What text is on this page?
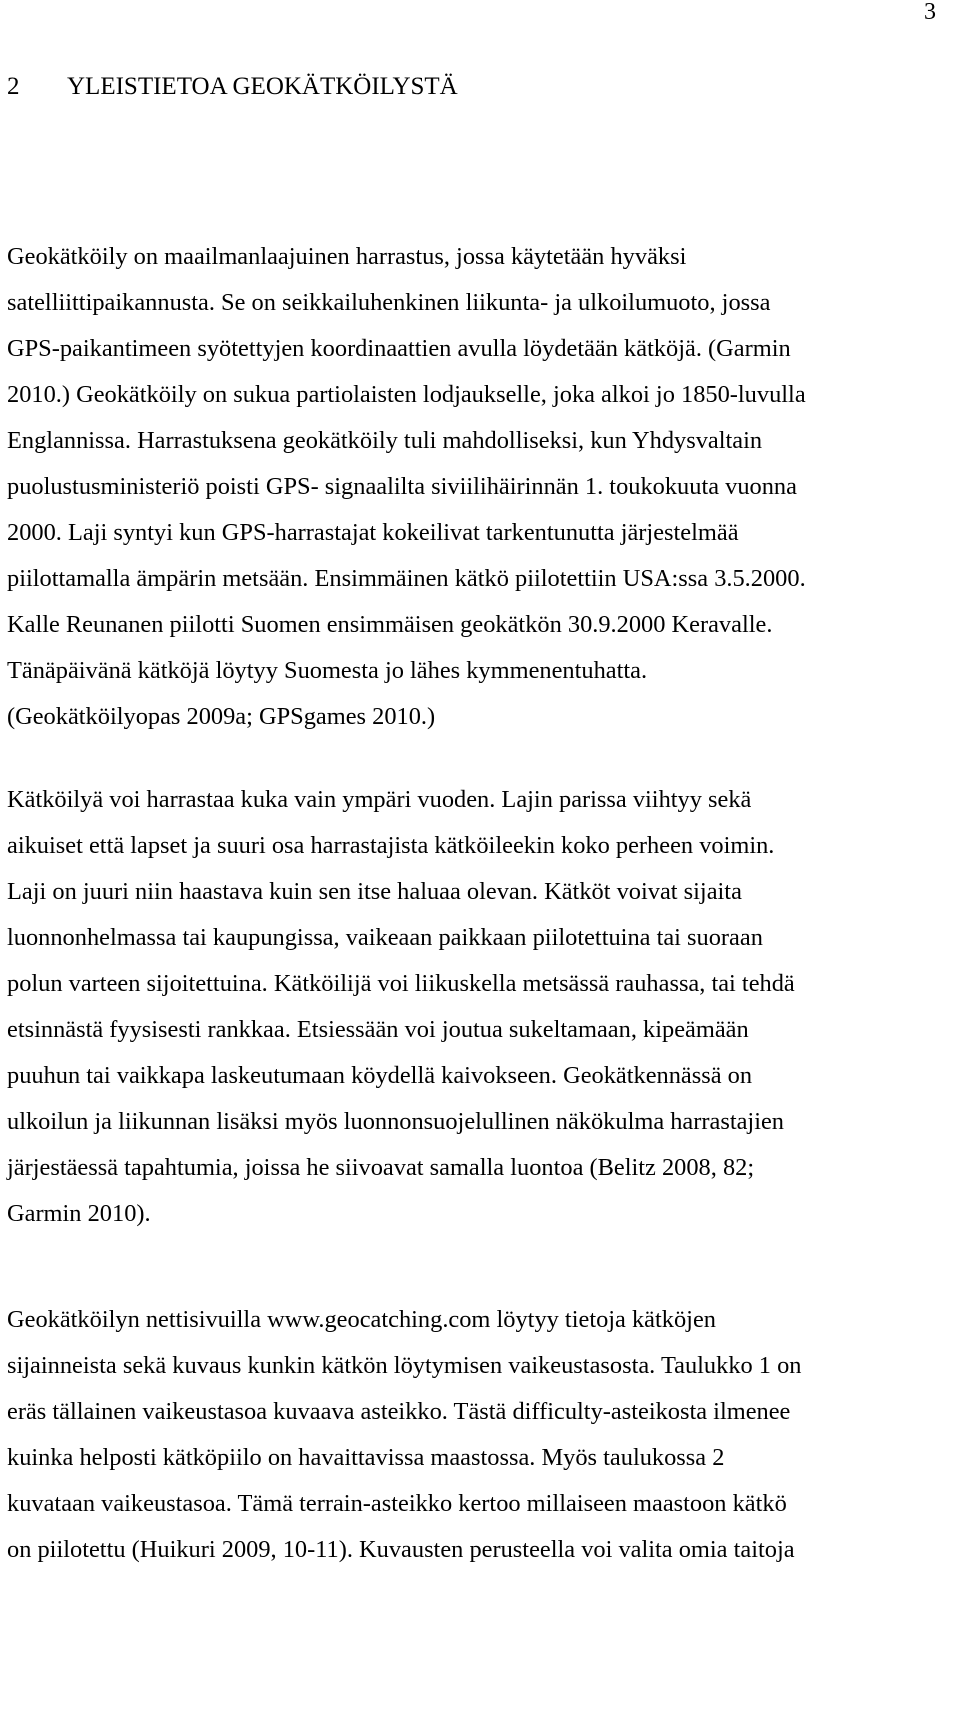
3
2 YLEISTIETOA GEOKÄTKÖILYSTÄ
Geokätköily on maailmanlaajuinen harrastus, jossa käytetään hyväksi
satelliittipaikannusta. Se on seikkailuhenkinen liikunta- ja ulkoilumuoto, jossa
GPS-paikantimeen syötettyjen koordinaattien avulla löydetään kätköjä. (Garmin
2010.) Geokätköily on sukua partiolaisten lodjaukselle, joka alkoi jo 1850-luvulla
Englannissa. Harrastuksena geokätköily tuli mahdolliseksi, kun Yhdysvaltain
puolustusministeriö poisti GPS- signaalilta siviilihäirinnän 1. toukokuuta vuonna
2000. Laji syntyi kun GPS-harrastajat kokeilivat tarkentunutta järjestelmää
piilottamalla ämpärin metsään. Ensimmäinen kätkö piilotettiin USA:ssa 3.5.2000.
Kalle Reunanen piilotti Suomen ensimmäisen geokätkön 30.9.2000 Keravalle.
Tänäpäivänä kätköjä löytyy Suomesta jo lähes kymmenentuhatta.
(Geokätköilyopas 2009a; GPSgames 2010.)
Kätköilyä voi harrastaa kuka vain ympäri vuoden. Lajin parissa viihtyy sekä
aikuiset että lapset ja suuri osa harrastajista kätköileekin koko perheen voimin.
Laji on juuri niin haastava kuin sen itse haluaa olevan. Kätköt voivat sijaita
luonnonhelmassa tai kaupungissa, vaikeaan paikkaan piilotettuina tai suoraan
polun varteen sijoitettuina. Kätköilijä voi liikuskella metsässä rauhassa, tai tehdä
etsinnästä fyysisesti rankkaa. Etsiessään voi joutua sukeltamaan, kipeämään
puuhun tai vaikkapa laskeutumaan köydellä kaivokseen. Geokätkennässä on
ulkoilun ja liikunnan lisäksi myös luonnonsuojelullinen näkökulma harrastajien
järjestäessä tapahtumia, joissa he siivoavat samalla luontoa (Belitz 2008, 82;
Garmin 2010).
Geokätköilyn nettisivuilla www.geocatching.com löytyy tietoja kätköjen
sijainneista sekä kuvaus kunkin kätkön löytymisen vaikeustasosta. Taulukko 1 on
eräs tällainen vaikeustasoa kuvaava asteikko. Tästä difficulty-asteikosta ilmenee
kuinka helposti kätköpiilo on havaittavissa maastossa. Myös taulukossa 2
kuvataan vaikeustasoa. Tämä terrain-asteikko kertoo millaiseen maastoon kätkö
on piilotettu (Huikuri 2009, 10-11). Kuvausten perusteella voi valita omia taitoja
